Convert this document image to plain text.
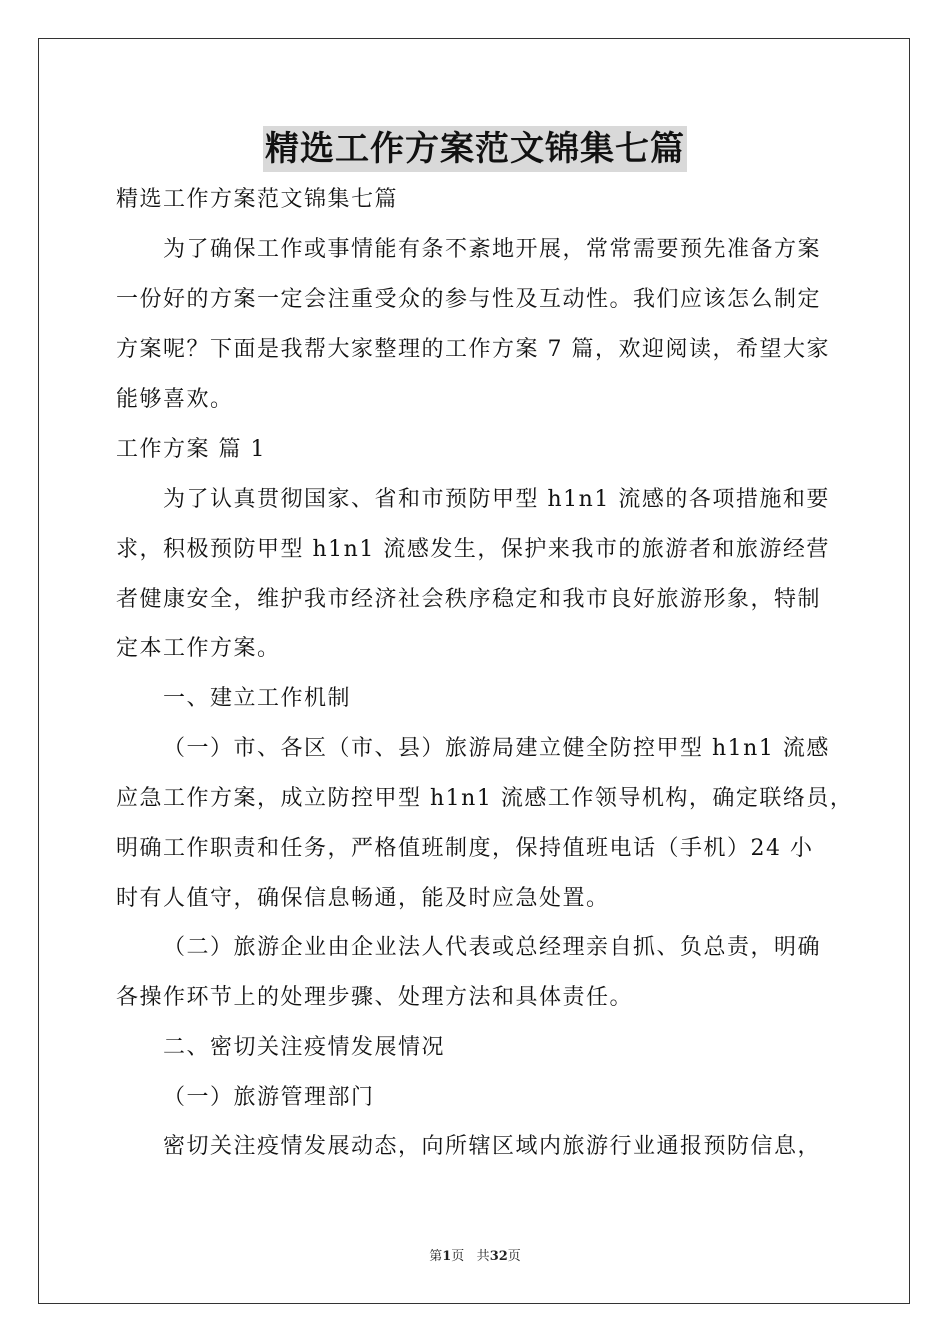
精选工作方案范文锦集七篇
精选工作方案范文锦集七篇
为了确保工作或事情能有条不紊地开展，常常需要预先准备方案
一份好的方案一定会注重受众的参与性及互动性。我们应该怎么制定
方案呢？下面是我帮大家整理的工作方案 7 篇，欢迎阅读，希望大家
能够喜欢。
工作方案 篇 1
为了认真贯彻国家、省和市预防甲型 h1n1 流感的各项措施和要
求，积极预防甲型 h1n1 流感发生，保护来我市的旅游者和旅游经营
者健康安全，维护我市经济社会秩序稳定和我市良好旅游形象，特制
定本工作方案。
一、建立工作机制
（一）市、各区（市、县）旅游局建立健全防控甲型 h1n1 流感
应急工作方案，成立防控甲型 h1n1 流感工作领导机构，确定联络员，
明确工作职责和任务，严格值班制度，保持值班电话（手机）24 小
时有人值守，确保信息畅通，能及时应急处置。
（二）旅游企业由企业法人代表或总经理亲自抓、负总责，明确
各操作环节上的处理步骤、处理方法和具体责任。
二、密切关注疫情发展情况
（一）旅游管理部门
密切关注疫情发展动态，向所辖区域内旅游行业通报预防信息，
第1页 共32页
